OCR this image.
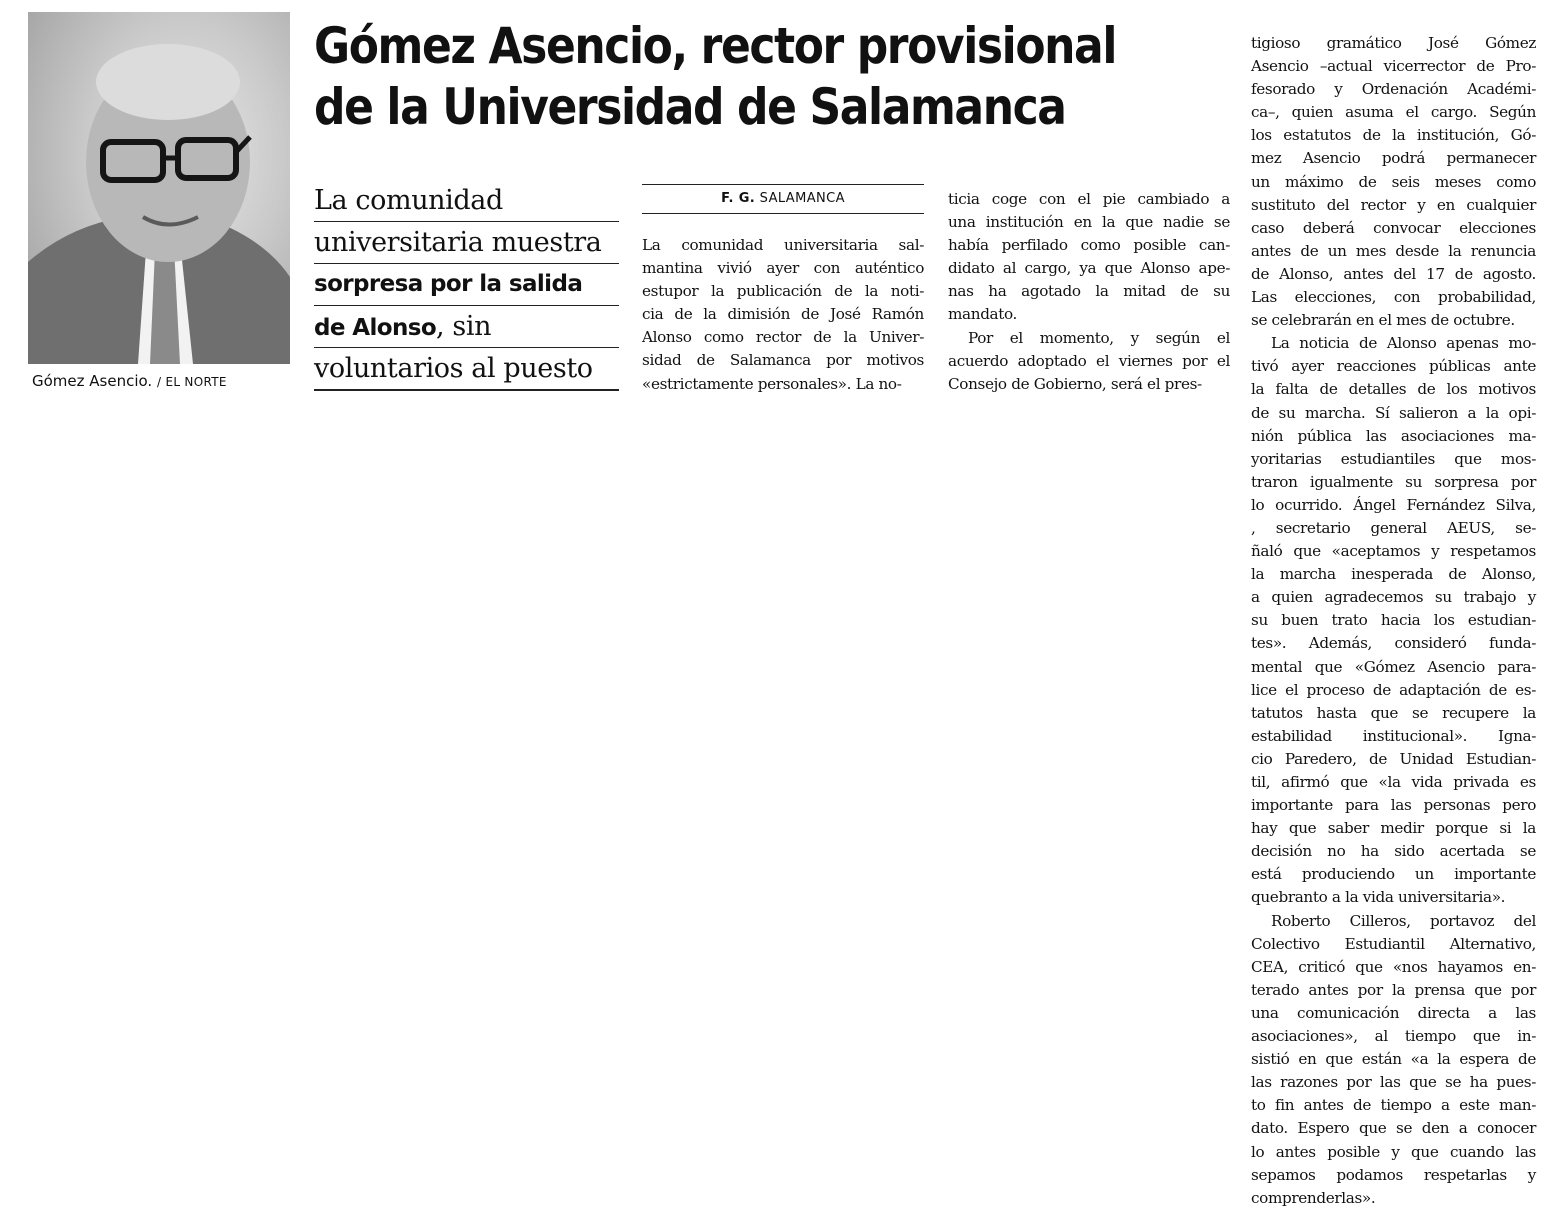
Gómez Asencio. / EL NORTE
Gómez Asencio, rector provisional
de la Universidad de Salamanca
La comunidad
universitaria muestra
sorpresa por la salida
de Alonso, sin
voluntarios al puesto
F. G. SALAMANCA
La comunidad universitaria sal-
mantina vivió ayer con auténtico
estupor la publicación de la noti-
cia de la dimisión de José Ramón
Alonso como rector de la Univer-
sidad de Salamanca por motivos
«estrictamente personales». La no-
ticia coge con el pie cambiado a
una institución en la que nadie se
había perfilado como posible can-
didato al cargo, ya que Alonso ape-
nas ha agotado la mitad de su
mandato.
Por el momento, y según el
acuerdo adoptado el viernes por el
Consejo de Gobierno, será el pres-
tigioso gramático José Gómez
Asencio –actual vicerrector de Pro-
fesorado y Ordenación Académi-
ca–, quien asuma el cargo. Según
los estatutos de la institución, Gó-
mez Asencio podrá permanecer
un máximo de seis meses como
sustituto del rector y en cualquier
caso deberá convocar elecciones
antes de un mes desde la renuncia
de Alonso, antes del 17 de agosto.
Las elecciones, con probabilidad,
se celebrarán en el mes de octubre.
La noticia de Alonso apenas mo-
tivó ayer reacciones públicas ante
la falta de detalles de los motivos
de su marcha. Sí salieron a la opi-
nión pública las asociaciones ma-
yoritarias estudiantiles que mos-
traron igualmente su sorpresa por
lo ocurrido. Ángel Fernández Silva,
, secretario general AEUS, se-
ñaló que «aceptamos y respetamos
la marcha inesperada de Alonso,
a quien agradecemos su trabajo y
su buen trato hacia los estudian-
tes». Además, consideró funda-
mental que «Gómez Asencio para-
lice el proceso de adaptación de es-
tatutos hasta que se recupere la
estabilidad institucional». Igna-
cio Paredero, de Unidad Estudian-
til, afirmó que «la vida privada es
importante para las personas pero
hay que saber medir porque si la
decisión no ha sido acertada se
está produciendo un importante
quebranto a la vida universitaria».
Roberto Cilleros, portavoz del
Colectivo Estudiantil Alternativo,
CEA, criticó que «nos hayamos en-
terado antes por la prensa que por
una comunicación directa a las
asociaciones», al tiempo que in-
sistió en que están «a la espera de
las razones por las que se ha pues-
to fin antes de tiempo a este man-
dato. Espero que se den a conocer
lo antes posible y que cuando las
sepamos podamos respetarlas y
comprenderlas».
